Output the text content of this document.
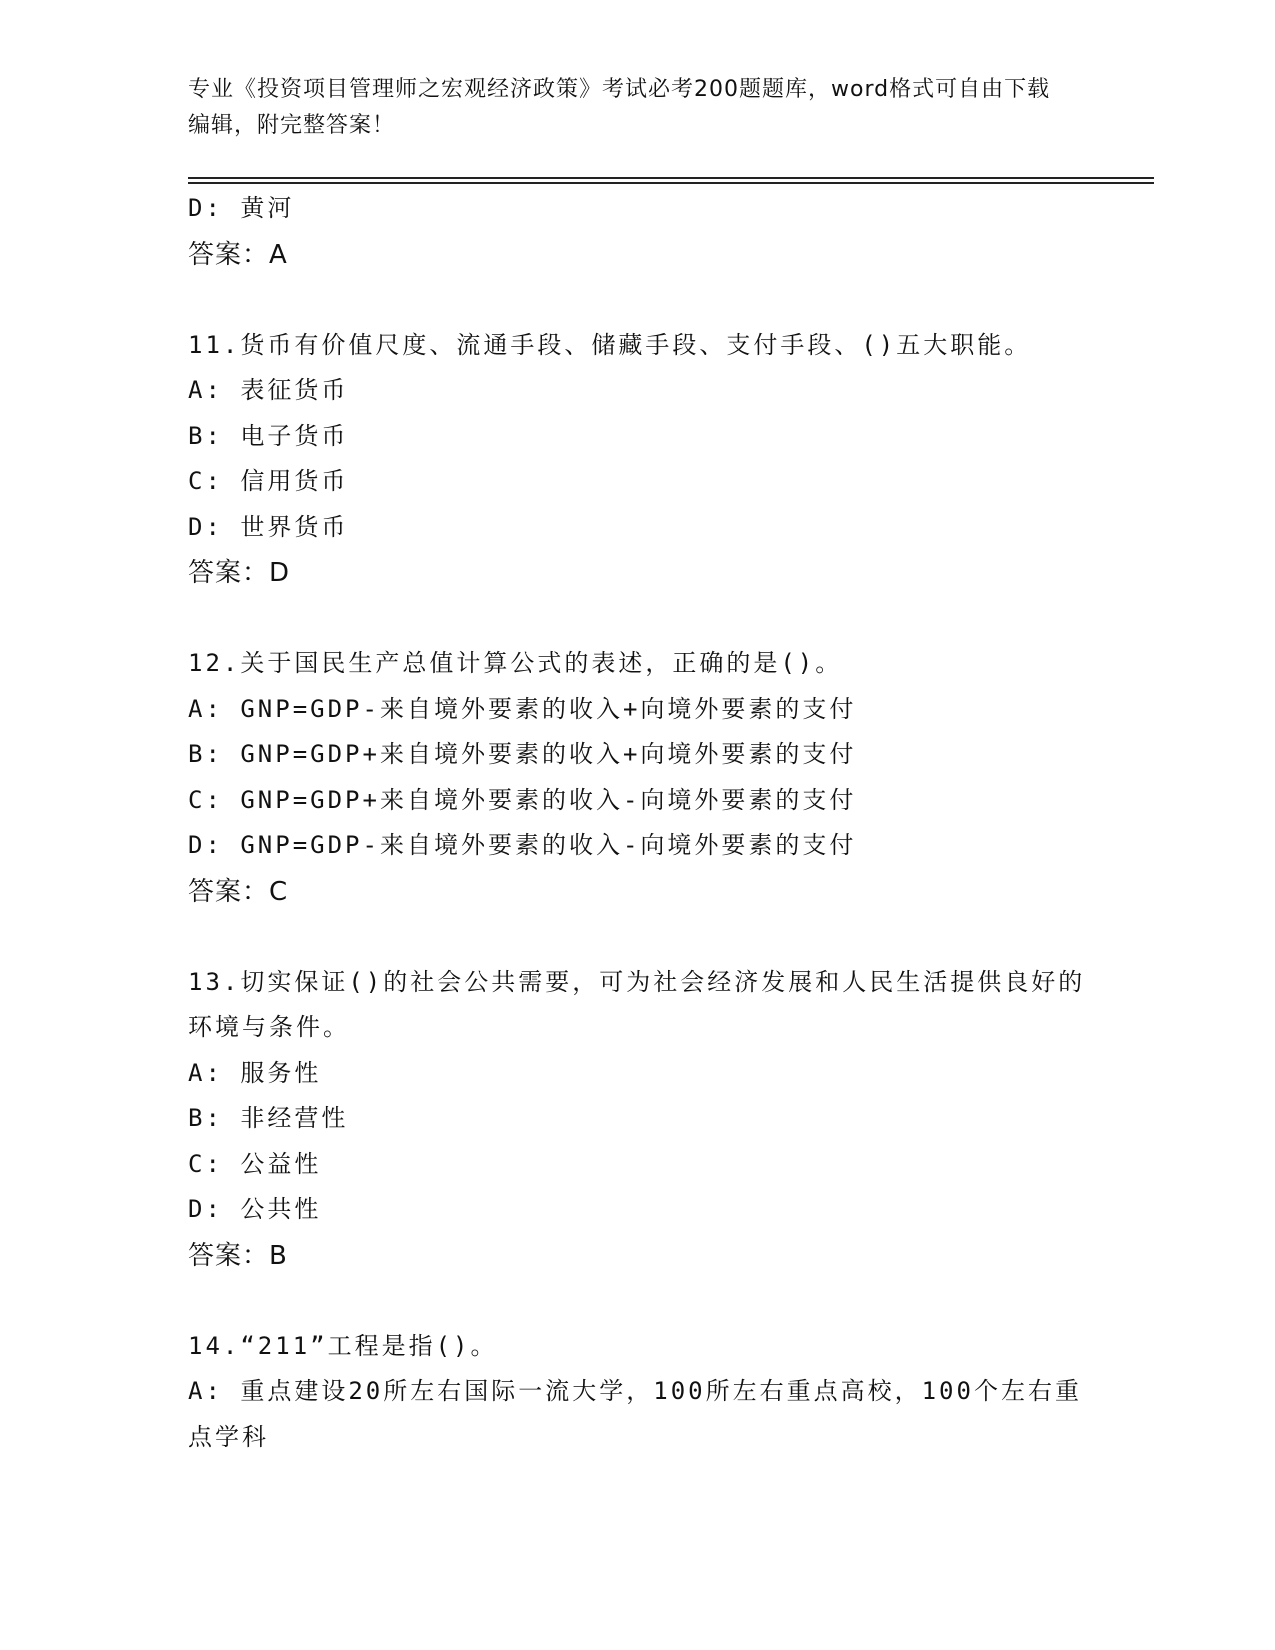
专业《投资项目管理师之宏观经济政策》考试必考200题题库，word格式可自由下载编辑，附完整答案！

D: 黄河

答案：A

11.货币有价值尺度、流通手段、储藏手段、支付手段、()五大职能。

A: 表征货币

B: 电子货币

C: 信用货币

D: 世界货币

答案：D

12.关于国民生产总值计算公式的表述，正确的是()。

A: GNP=GDP-来自境外要素的收入+向境外要素的支付

B: GNP=GDP+来自境外要素的收入+向境外要素的支付

C: GNP=GDP+来自境外要素的收入-向境外要素的支付

D: GNP=GDP-来自境外要素的收入-向境外要素的支付

答案：C

13.切实保证()的社会公共需要，可为社会经济发展和人民生活提供良好的环境与条件。

A: 服务性

B: 非经营性

C: 公益性

D: 公共性

答案：B

14.“211”工程是指()。

A: 重点建设20所左右国际一流大学，100所左右重点高校，100个左右重点学科
